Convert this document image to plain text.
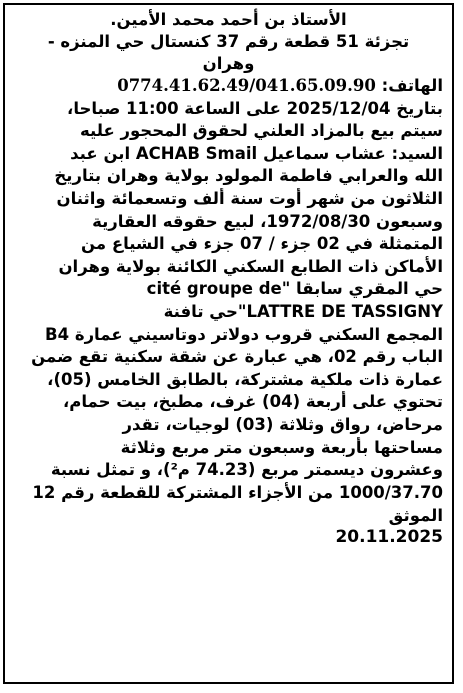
الأستاذ بن أحمد محمد الأمين.
تجزئة 51 قطعة رقم 37 كنستال حي المنزه -
وهران
الهاتف: 0774.41.62.49/041.65.09.90
بتاريخ 2025/12/04 على الساعة 11:00 صباحا،
سيتم بيع بالمزاد العلني لحقوق المحجور عليه
السيد: عشاب سماعيل ACHAB Smail ابن عبد
الله والعرابي فاطمة المولود بولاية وهران بتاريخ
الثلاثون من شهر أوت سنة ألف وتسعمائة واثنان
وسبعون 1972/08/30، لبيع حقوقه العقارية
المتمثلة في 02 جزء / 07 جزء في الشياع من
الأماكن ذات الطابع السكني الكائنة بولاية وهران
حي المقري سابقا "cité groupe de
LATTRE DE TASSIGNY"حي تافنة
المجمع السكني قروب دولاتر دوتاسيني عمارة B4
الباب رقم 02، هي عبارة عن شقة سكنية تقع ضمن
عمارة ذات ملكية مشتركة، بالطابق الخامس (05)،
تحتوي على أربعة (04) غرف، مطبخ، بيت حمام،
مرحاض، رواق وثلاثة (03) لوجيات، تقدر
مساحتها بأربعة وسبعون متر مربع وثلاثة
وعشرون ديسمتر مربع (74.23 م²)، و تمثل نسبة
1000/37.70 من الأجزاء المشتركة للقطعة رقم 12
الموثق
20.11.2025
